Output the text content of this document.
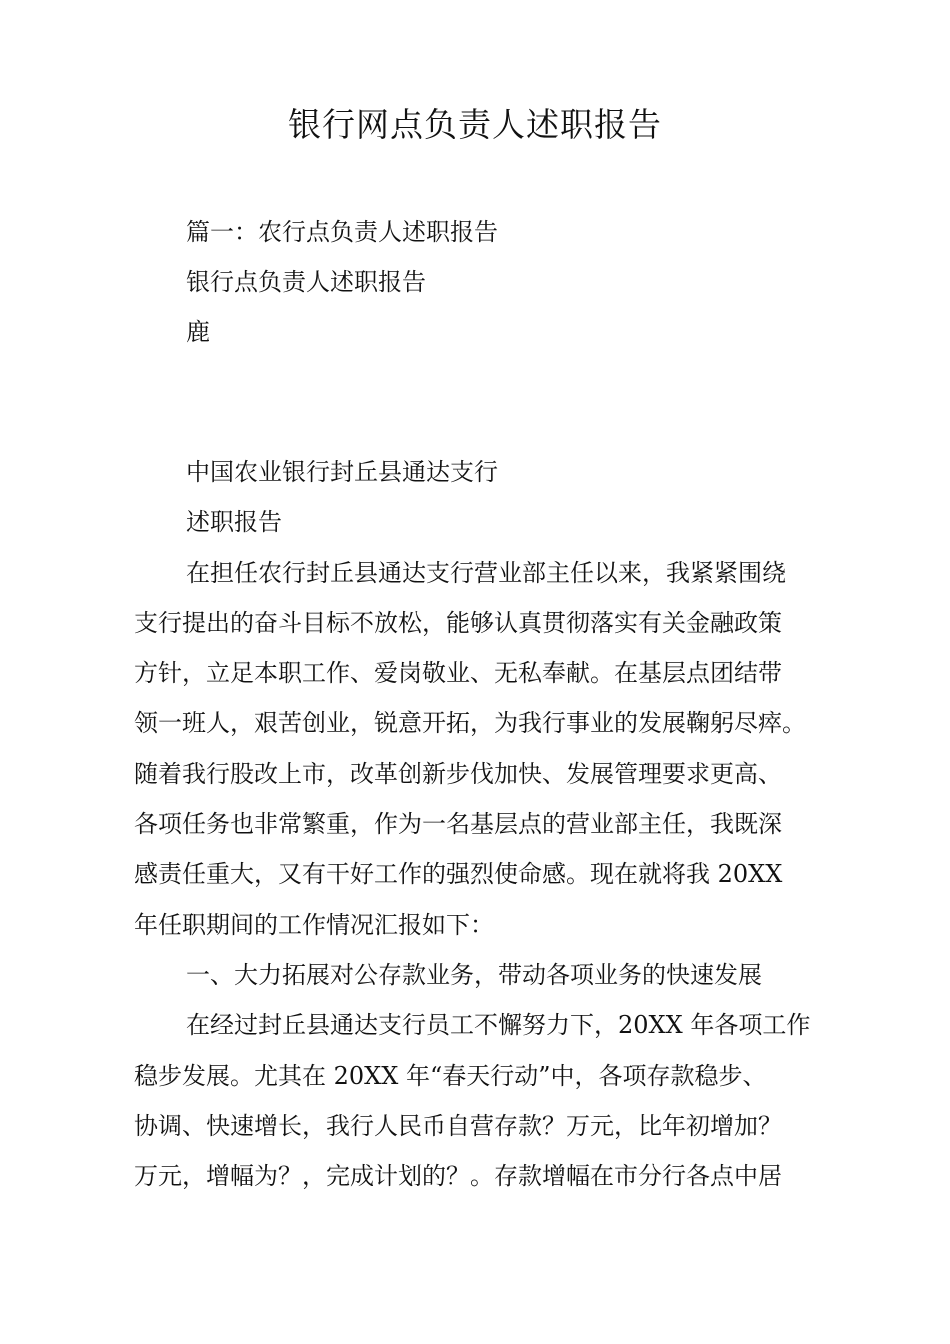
银行网点负责人述职报告
篇一：农行点负责人述职报告
银行点负责人述职报告
鹿
中国农业银行封丘县通达支行
述职报告
在担任农行封丘县通达支行营业部主任以来，我紧紧围绕
支行提出的奋斗目标不放松，能够认真贯彻落实有关金融政策
方针，立足本职工作、爱岗敬业、无私奉献。在基层点团结带
领一班人，艰苦创业，锐意开拓，为我行事业的发展鞠躬尽瘁。
随着我行股改上市，改革创新步伐加快、发展管理要求更高、
各项任务也非常繁重，作为一名基层点的营业部主任，我既深
感责任重大，又有干好工作的强烈使命感。现在就将我 20XX
年任职期间的工作情况汇报如下：
一、大力拓展对公存款业务，带动各项业务的快速发展
在经过封丘县通达支行员工不懈努力下，20XX 年各项工作
稳步发展。尤其在 20XX 年“春天行动”中，各项存款稳步、
协调、快速增长，我行人民币自营存款？万元，比年初增加？
万元，增幅为？，完成计划的？。存款增幅在市分行各点中居
